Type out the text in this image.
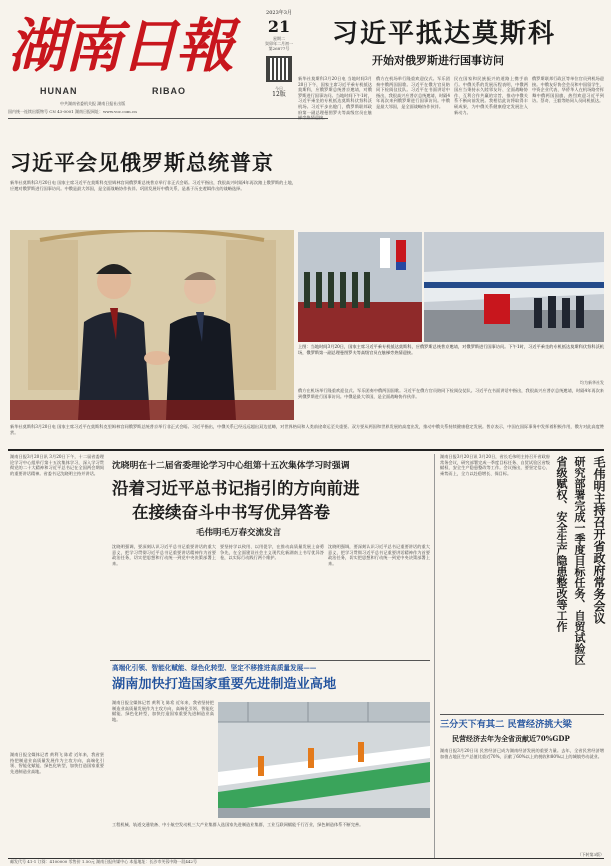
湖南日報
HUNAN	RIBAO
中共湖南省委机关报 湖南日报社出版
国内统一连续出版物号 CN 43-0001 湖南日报网址：www.voc.com.cn
2023年3月
21
星期二
癸卯年二月初一
第26877号
今日
12版
习近平抵达莫斯科
开始对俄罗斯进行国事访问
新华社莫斯科3月20日电 当地时间3月20日下午，国家主席习近平乘专机抵达莫斯科，应俄罗斯总统普京邀请，对俄罗斯进行国事访问。当地时间下午1时，习近平乘坐的专机抵达莫斯科伏努科沃机场。习近平步出舱门，俄罗斯联邦政府第一副总理曼图罗夫等高级官员在舷梯旁热情迎接。
俄方在机场举行隆重欢迎仪式。军乐团奏中俄两国国歌。习近平在俄方官员陪同下检阅仪仗队。习近平在书面讲话中指出，我很高兴应普京总统邀请，时隔4年再次来到俄罗斯进行国事访问。中俄是最大邻国，是全面战略协作伙伴。
民在国家和民族振兴的道路上携手前行。中俄关系的发展历程表明，中俄两国应当秉持永久睦邻友好、全面战略协作、互利合作共赢的宗旨，推动中俄关系不断向前发展。我相信此访将取得丰硕成果，为中俄关系健康稳定发展注入新动力。
俄罗斯联邦行政区等单位官员到机场迎接。中俄友好协会会员和中国留学生、中资企业代表、华侨华人在机场路旁挥舞中俄两国国旗，热烈欢迎习近平到访。蔡奇、王毅等陪同人员同机抵达。
习近平会见俄罗斯总统普京
新华社莫斯科3月20日电 国家主席习近平在莫斯科克里姆林宫同俄罗斯总统普京举行非正式会晤。习近平指出，我很高兴时隔4年再次踏上俄罗斯的土地，应邀对俄罗斯进行国事访问。中俄是最大邻国，是全面战略协作伙伴。巩固发展好中俄关系，是基于历史逻辑作出的战略选择。
上图：当地时间3月20日，国家主席习近平乘专机抵达莫斯科，应俄罗斯总统普京邀请，对俄罗斯进行国事访问。下午1时，习近平乘坐的专机抵达莫斯科伏努科沃机场，俄罗斯第一副总理曼图罗夫等高级官员在舷梯旁热情迎接。
均为新华社发
俄方在机场举行隆重欢迎仪式。军乐团奏中俄两国国歌。习近平在俄方官员陪同下检阅仪仗队。习近平在书面讲话中指出，我很高兴应普京总统邀请，时隔4年再次来到俄罗斯进行国事访问。中俄是最大邻国，是全面战略协作伙伴。
新华社莫斯科3月20日电 国家主席习近平在莫斯科克里姆林宫同俄罗斯总统普京举行非正式会晤。习近平指出，中俄关系已经远远超出双边范畴，对世界格局和人类前途命运至关重要。双方要从两国和世界发展的高度出发，推动中俄关系持续健康稳定发展。普京表示，中国在国际事务中发挥着积极作用，俄方对此高度赞赏。
湖南日报3月20日讯 3月20日下午，十二届省委理论学习中心组举行第十五次集体学习，深入学习贯彻党的二十大精神和习近平总书记在全国两会期间的重要讲话精神。省委书记沈晓明主持并讲话。
沈晓明在十二届省委理论学习中心组第十五次集体学习时强调
沿着习近平总书记指引的方向前进
在接续奋斗中书写优异答卷
毛伟明毛万春交流发言
沈晓明强调，要深刻认识习近平总书记重要讲话的重大意义，把学习贯彻习近平总书记重要讲话精神作为首要政治任务，切实把思想和行动统一到党中央决策部署上来。
要坚持学以致用、以用促学，在推动高质量发展上奋勇争先，在全面建设社会主义现代化新湖南上书写优异答卷，以实际行动践行两个维护。
沈晓明强调，要深刻认识习近平总书记重要讲话的重大意义，把学习贯彻习近平总书记重要讲话精神作为首要政治任务，切实把思想和行动统一到党中央决策部署上来。
湖南日报3月20日讯 3月20日，省长毛伟明主持召开省政府常务会议，研究部署完成一季度目标任务、自贸试验区省级赋权、安全生产隐患整改等工作。会议指出，要坚定信心、乘势而上，全力以赴稳增长、保目标。	毛伟明主持召开省政府常务会议
研究部署完成一季度目标任务、自贸试验区
省级赋权、安全生产隐患整改等工作
高端化引领、智能化赋能、绿色化转型、坚定不移推进高质量发展——
湖南加快打造国家重要先进制造业高地
湖南日报全媒体记者 黄利飞 陈希 近年来，我省坚持把制造业高质量发展作为主攻方向，高端化引领、智能化赋能、绿色化转型，加快打造国家重要先进制造业高地。
工程机械、轨道交通装备、中小航空发动机三大产业集群入选国家先进制造业集群，工业互联网赋能千行百业，绿色制造体系不断完善。
三分天下有其二 民营经济挑大梁
民营经济去年为全省贡献近70%GDP
湖南日报3月20日讯 民营经济已成为湖南经济发展的重要力量。去年，全省民营经济增加值占地区生产总值比重近70%，贡献了60%以上的税收和80%以上的城镇劳动就业。
（下转第3版）
湖南日报全媒体记者 黄利飞 陈希 近年来，我省坚持把制造业高质量发展作为主攻方向，高端化引领、智能化赋能、绿色化转型，加快打造国家重要先进制造业高地。
邮发代号 41-1 订阅：4100000 零售价 1.50元 湖南日报传媒中心 本报地址：长沙市芙蓉中路一段442号
